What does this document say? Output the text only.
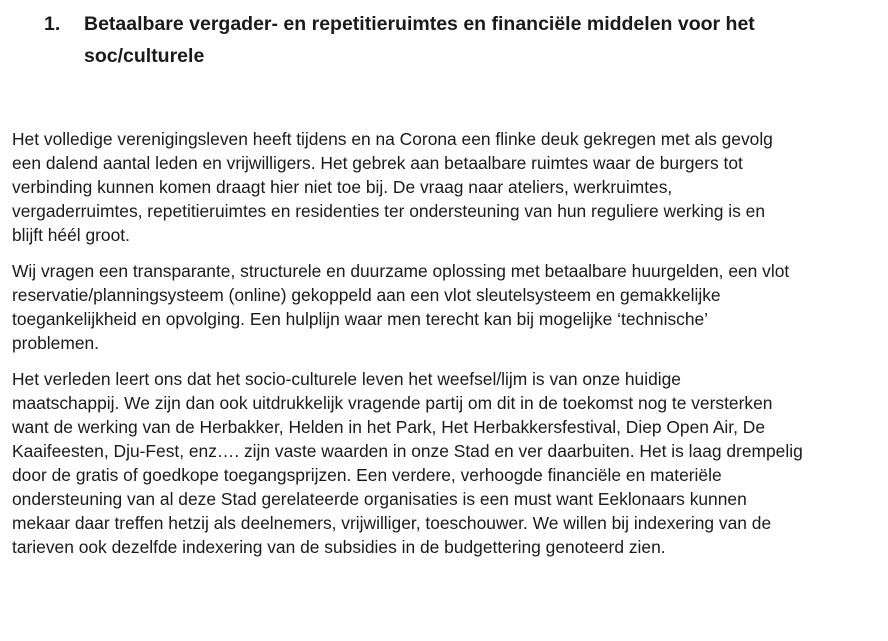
1.	Betaalbare vergader- en repetitieruimtes en financiële middelen voor het
soc/culturele

Het volledige verenigingsleven heeft tijdens en na Corona een flinke deuk gekregen met als gevolg
een dalend aantal leden en vrijwilligers. Het gebrek aan betaalbare ruimtes waar de burgers tot
verbinding kunnen komen draagt hier niet toe bij. De vraag naar ateliers, werkruimtes,
vergaderruimtes, repetitieruimtes en residenties ter ondersteuning van hun reguliere werking is en
blijft héél groot.

Wij vragen een transparante, structurele en duurzame oplossing met betaalbare huurgelden, een vlot
reservatie/planningsysteem (online) gekoppeld aan een vlot sleutelsysteem en gemakkelijke
toegankelijkheid en opvolging. Een hulplijn waar men terecht kan bij mogelijke ‘technische’
problemen.

Het verleden leert ons dat het socio-culturele leven het weefsel/lijm is van onze huidige
maatschappij. We zijn dan ook uitdrukkelijk vragende partij om dit in de toekomst nog te versterken
want de werking van de Herbakker, Helden in het Park, Het Herbakkersfestival, Diep Open Air, De
Kaaifeesten, Dju-Fest, enz…. zijn vaste waarden in onze Stad en ver daarbuiten. Het is laag drempelig
door de gratis of goedkope toegangsprijzen. Een verdere, verhoogde financiële en materiële
ondersteuning van al deze Stad gerelateerde organisaties is een must want Eeklonaars kunnen
mekaar daar treffen hetzij als deelnemers, vrijwilliger, toeschouwer. We willen bij indexering van de
tarieven ook dezelfde indexering van de subsidies in de budgettering genoteerd zien.
